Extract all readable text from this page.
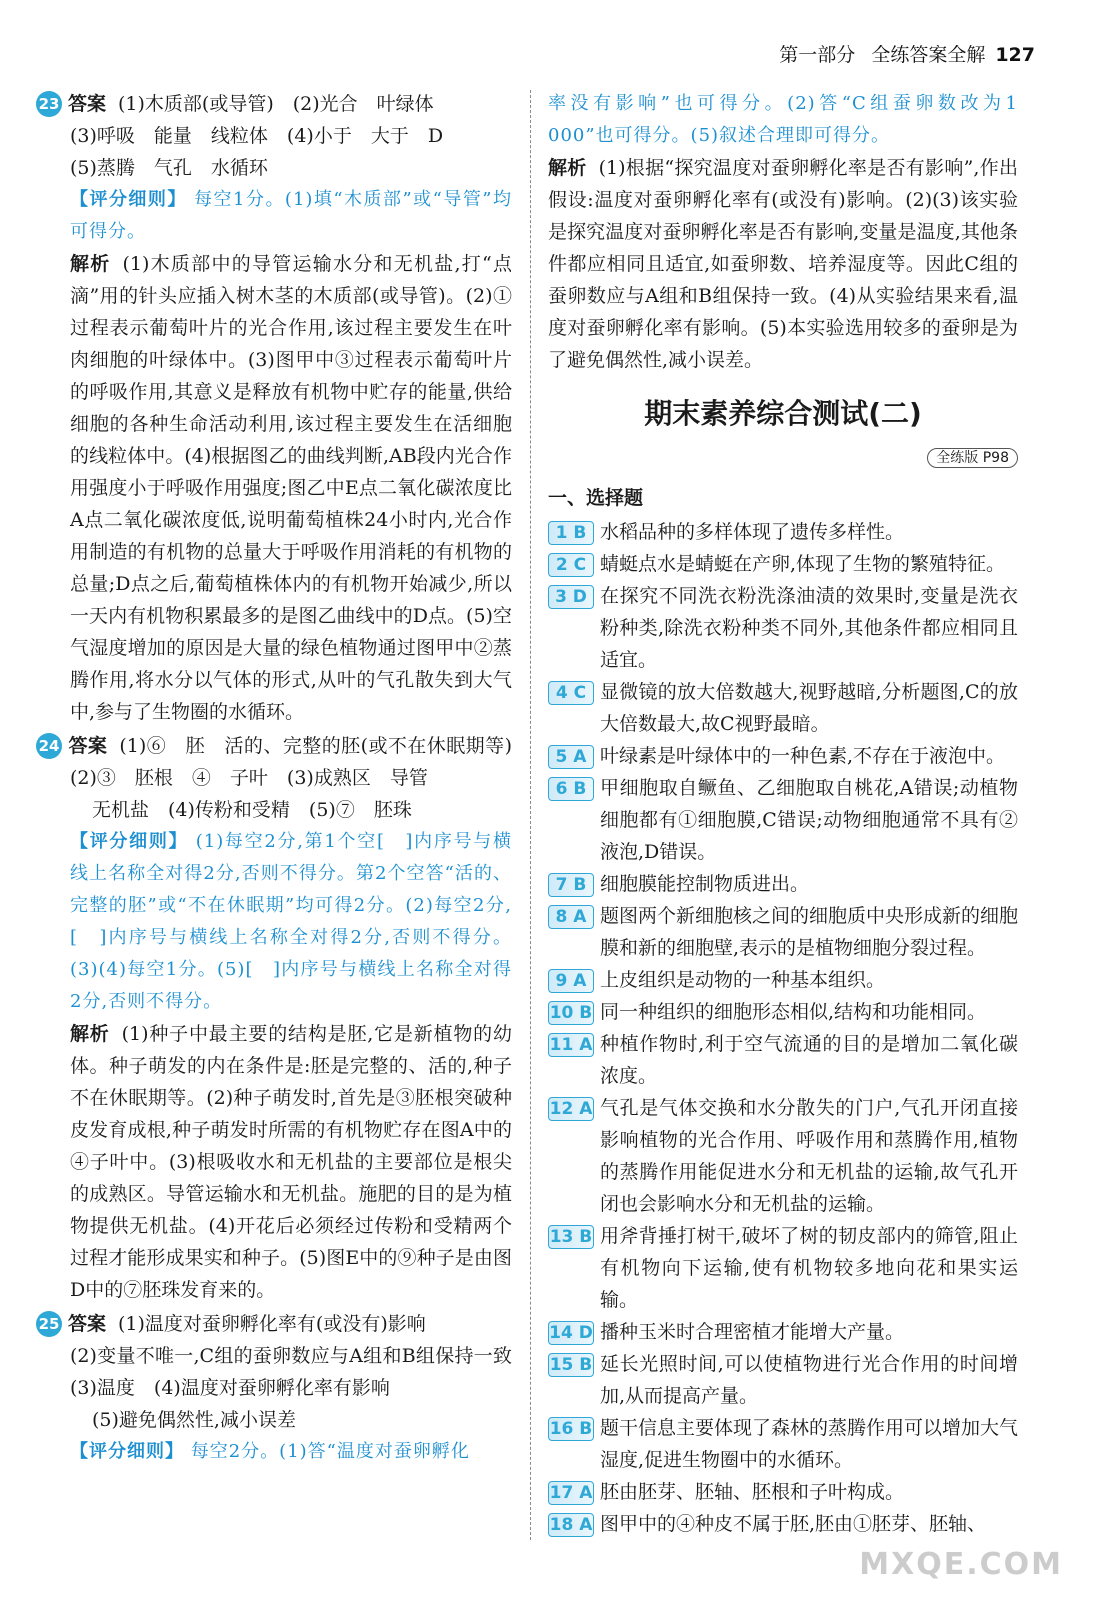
第一部分 全练答案全解 127

23 答案 (1)木质部(或导管)　(2)光合　叶绿体

(3)呼吸　能量　线粒体　(4)小于　大于　D

(5)蒸腾　气孔　水循环

【评分细则】 每空1分。(1)填“木质部”或“导管”均可得分。

解析 (1)木质部中的导管运输水分和无机盐,打“点滴”用的针头应插入树木茎的木质部(或导管)。(2)①过程表示葡萄叶片的光合作用,该过程主要发生在叶肉细胞的叶绿体中。(3)图甲中③过程表示葡萄叶片的呼吸作用,其意义是释放有机物中贮存的能量,供给细胞的各种生命活动利用,该过程主要发生在活细胞的线粒体中。(4)根据图乙的曲线判断,AB段内光合作用强度小于呼吸作用强度;图乙中E点二氧化碳浓度比A点二氧化碳浓度低,说明葡萄植株24小时内,光合作用制造的有机物的总量大于呼吸作用消耗的有机物的总量;D点之后,葡萄植株体内的有机物开始减少,所以一天内有机物积累最多的是图乙曲线中的D点。(5)空气湿度增加的原因是大量的绿色植物通过图甲中②蒸腾作用,将水分以气体的形式,从叶的气孔散失到大气中,参与了生物圈的水循环。

24 答案 (1)⑥　胚　活的、完整的胚(或不在休眠期等)　(2)③　胚根　④　子叶　(3)成熟区　导管

无机盐　(4)传粉和受精　(5)⑦　胚珠

【评分细则】 (1)每空2分,第1个空[　]内序号与横线上名称全对得2分,否则不得分。第2个空答“活的、完整的胚”或“不在休眠期”均可得2分。(2)每空2分,[　]内序号与横线上名称全对得2分,否则不得分。(3)(4)每空1分。(5)[　]内序号与横线上名称全对得2分,否则不得分。

解析 (1)种子中最主要的结构是胚,它是新植物的幼体。种子萌发的内在条件是:胚是完整的、活的,种子不在休眠期等。(2)种子萌发时,首先是③胚根突破种皮发育成根,种子萌发时所需的有机物贮存在图A中的④子叶中。(3)根吸收水和无机盐的主要部位是根尖的成熟区。导管运输水和无机盐。施肥的目的是为植物提供无机盐。(4)开花后必须经过传粉和受精两个过程才能形成果实和种子。(5)图E中的⑨种子是由图D中的⑦胚珠发育来的。

25 答案 (1)温度对蚕卵孵化率有(或没有)影响

(2)变量不唯一,C组的蚕卵数应与A组和B组保持一致　(3)温度　(4)温度对蚕卵孵化率有影响

(5)避免偶然性,减小误差

【评分细则】 每空2分。(1)答“温度对蚕卵孵化

率没有影响”也可得分。(2)答“C组蚕卵数改为1 000”也可得分。(5)叙述合理即可得分。

解析 (1)根据“探究温度对蚕卵孵化率是否有影响”,作出假设:温度对蚕卵孵化率有(或没有)影响。(2)(3)该实验是探究温度对蚕卵孵化率是否有影响,变量是温度,其他条件都应相同且适宜,如蚕卵数、培养湿度等。因此C组的蚕卵数应与A组和B组保持一致。(4)从实验结果来看,温度对蚕卵孵化率有影响。(5)本实验选用较多的蚕卵是为了避免偶然性,减小误差。

期末素养综合测试(二)
全练版 P98
一、选择题

1 B 水稻品种的多样体现了遗传多样性。

2 C 蜻蜓点水是蜻蜓在产卵,体现了生物的繁殖特征。

3 D 在探究不同洗衣粉洗涤油渍的效果时,变量是洗衣粉种类,除洗衣粉种类不同外,其他条件都应相同且适宜。

4 C 显微镜的放大倍数越大,视野越暗,分析题图,C的放大倍数最大,故C视野最暗。

5 A 叶绿素是叶绿体中的一种色素,不存在于液泡中。

6 B 甲细胞取自鳜鱼、乙细胞取自桃花,A错误;动植物细胞都有①细胞膜,C错误;动物细胞通常不具有②液泡,D错误。

7 B 细胞膜能控制物质进出。

8 A 题图两个新细胞核之间的细胞质中央形成新的细胞膜和新的细胞壁,表示的是植物细胞分裂过程。

9 A 上皮组织是动物的一种基本组织。

10 B 同一种组织的细胞形态相似,结构和功能相同。

11 A 种植作物时,利于空气流通的目的是增加二氧化碳浓度。

12 A 气孔是气体交换和水分散失的门户,气孔开闭直接影响植物的光合作用、呼吸作用和蒸腾作用,植物的蒸腾作用能促进水分和无机盐的运输,故气孔开闭也会影响水分和无机盐的运输。

13 B 用斧背捶打树干,破坏了树的韧皮部内的筛管,阻止有机物向下运输,使有机物较多地向花和果实运输。

14 D 播种玉米时合理密植才能增大产量。

15 B 延长光照时间,可以使植物进行光合作用的时间增加,从而提高产量。

16 B 题干信息主要体现了森林的蒸腾作用可以增加大气湿度,促进生物圈中的水循环。

17 A 胚由胚芽、胚轴、胚根和子叶构成。

18 A 图甲中的④种皮不属于胚,胚由①胚芽、胚轴、

MXQE.COM
